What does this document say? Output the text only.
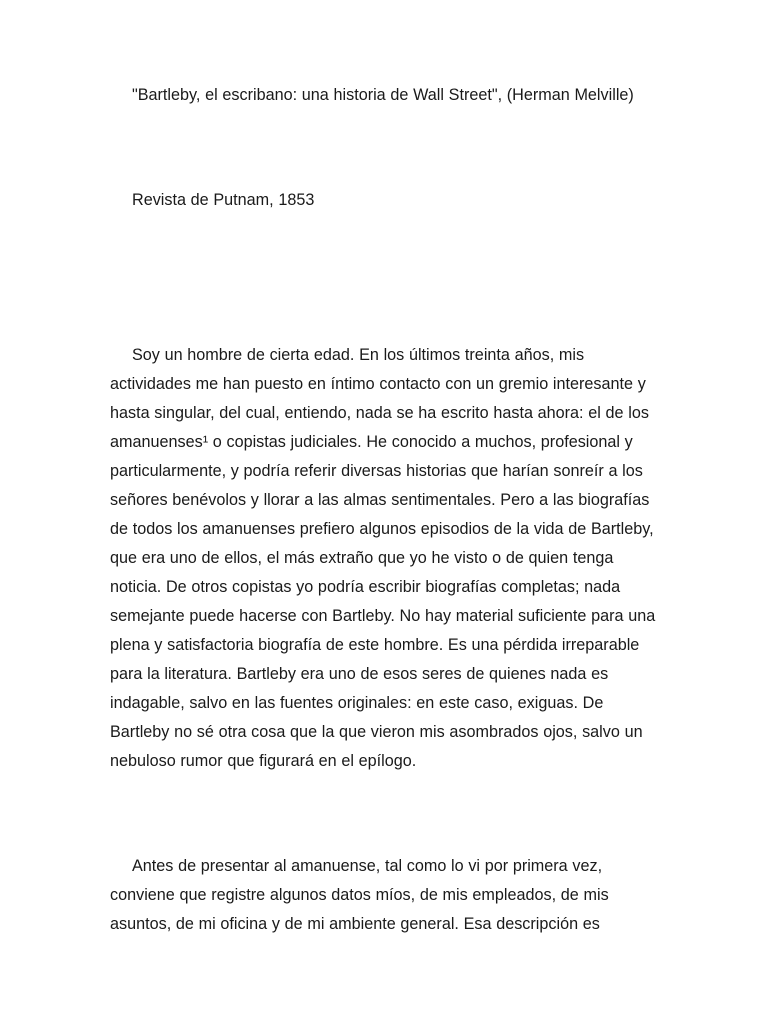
"Bartleby, el escribano: una historia de Wall Street", (Herman Melville)

Revista de Putnam, 1853

Soy un hombre de cierta edad. En los últimos treinta años, mis actividades me han puesto en íntimo contacto con un gremio interesante y hasta singular, del cual, entiendo, nada se ha escrito hasta ahora: el de los amanuenses¹ o copistas judiciales. He conocido a muchos, profesional y particularmente, y podría referir diversas historias que harían sonreír a los señores benévolos y llorar a las almas sentimentales. Pero a las biografías de todos los amanuenses prefiero algunos episodios de la vida de Bartleby, que era uno de ellos, el más extraño que yo he visto o de quien tenga noticia. De otros copistas yo podría escribir biografías completas; nada semejante puede hacerse con Bartleby. No hay material suficiente para una plena y satisfactoria biografía de este hombre. Es una pérdida irreparable para la literatura. Bartleby era uno de esos seres de quienes nada es indagable, salvo en las fuentes originales: en este caso, exiguas. De Bartleby no sé otra cosa que la que vieron mis asombrados ojos, salvo un nebuloso rumor que figurará en el epílogo.

Antes de presentar al amanuense, tal como lo vi por primera vez, conviene que registre algunos datos míos, de mis empleados, de mis asuntos, de mi oficina y de mi ambiente general. Esa descripción es
